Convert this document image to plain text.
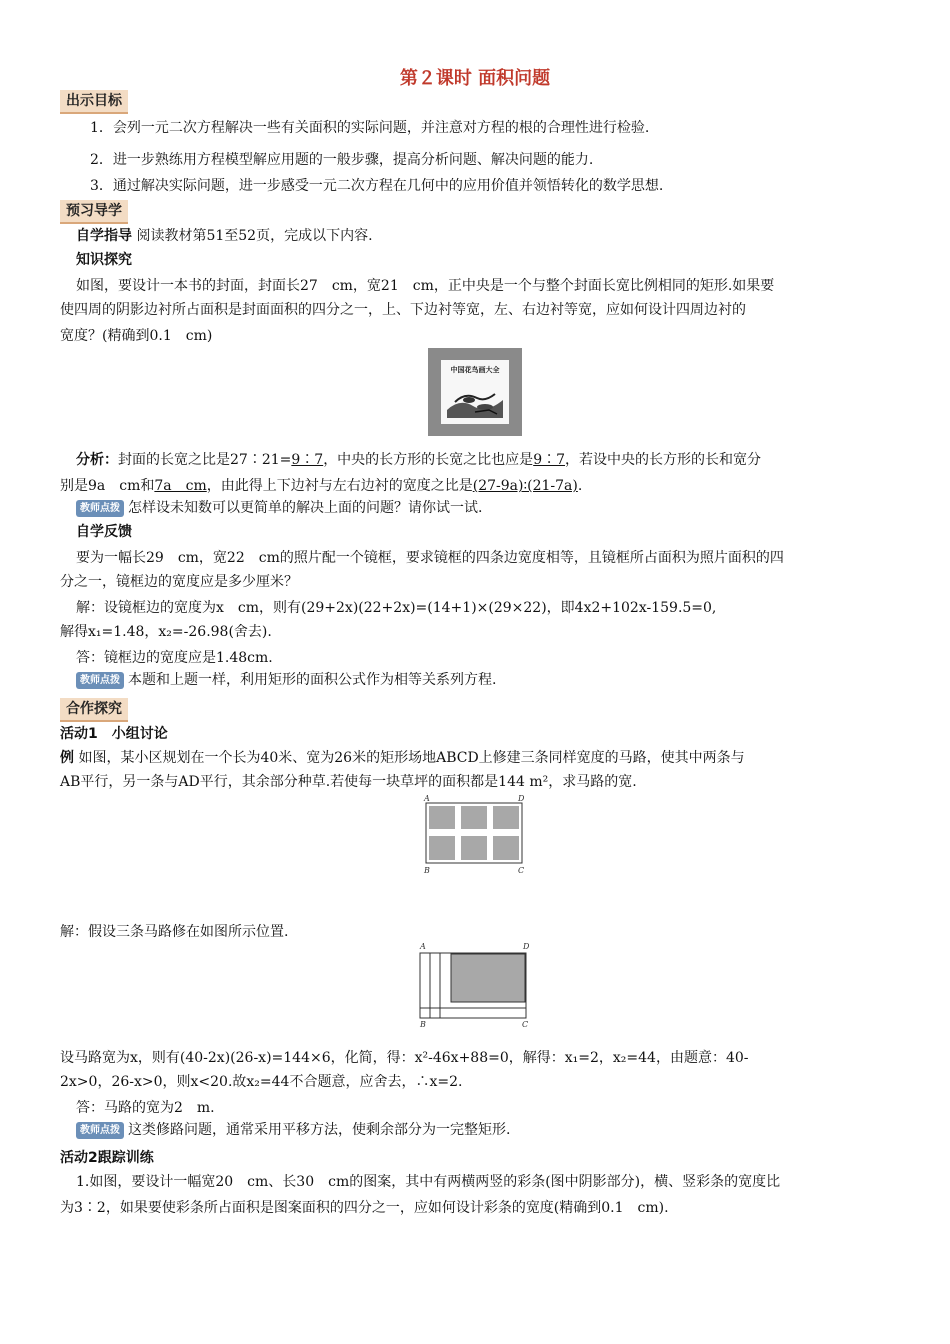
第２课时 面积问题
出示目标
1．会列一元二次方程解决一些有关面积的实际问题，并注意对方程的根的合理性进行检验.
2．进一步熟练用方程模型解应用题的一般步骤，提高分析问题、解决问题的能力.
3．通过解决实际问题，进一步感受一元二次方程在几何中的应用价值并领悟转化的数学思想.
预习导学
自学指导 阅读教材第51至52页，完成以下内容.
知识探究
如图，要设计一本书的封面，封面长27　cm，宽21　cm，正中央是一个与整个封面长宽比例相同的矩形.如果要
使四周的阴影边衬所占面积是封面面积的四分之一，上、下边衬等宽，左、右边衬等宽，应如何设计四周边衬的
宽度？(精确到0.1　cm)
中国花鸟画大全
分析：封面的长宽之比是27∶21=9∶7，中央的长方形的长宽之比也应是9∶7，若设中央的长方形的长和宽分
别是9a　cm和7a　cm，由此得上下边衬与左右边衬的宽度之比是(27-9a)∶(21-7a).
教师点拨 怎样设未知数可以更简单的解决上面的问题？请你试一试.
自学反馈
要为一幅长29　cm，宽22　cm的照片配一个镜框，要求镜框的四条边宽度相等，且镜框所占面积为照片面积的四
分之一，镜框边的宽度应是多少厘米？
解：设镜框边的宽度为x　cm，则有(29+2x)(22+2x)=(14+1)×(29×22)，即4x2+102x-159.5=0,
解得x₁=1.48，x₂=-26.98(舍去).
答：镜框边的宽度应是1.48cm.
教师点拨 本题和上题一样，利用矩形的面积公式作为相等关系列方程.
合作探究
活动1　小组讨论
例 如图，某小区规划在一个长为40米、宽为26米的矩形场地ABCD上修建三条同样宽度的马路，使其中两条与
AB平行，另一条与AD平行，其余部分种草.若使每一块草坪的面积都是144 m²，求马路的宽.
A	D
B	C
解：假设三条马路修在如图所示位置.
A	D
B	C
设马路宽为x，则有(40-2x)(26-x)=144×6，化简，得：x²-46x+88=0，解得：x₁=2，x₂=44，由题意：40-
2x>0，26-x>0，则x<20.故x₂=44不合题意，应舍去，∴x=2.
答：马路的宽为2　m.
教师点拨 这类修路问题，通常采用平移方法，使剩余部分为一完整矩形.
活动2跟踪训练
1.如图，要设计一幅宽20　cm、长30　cm的图案，其中有两横两竖的彩条(图中阴影部分)，横、竖彩条的宽度比
为3∶2，如果要使彩条所占面积是图案面积的四分之一，应如何设计彩条的宽度(精确到0.1　cm).
